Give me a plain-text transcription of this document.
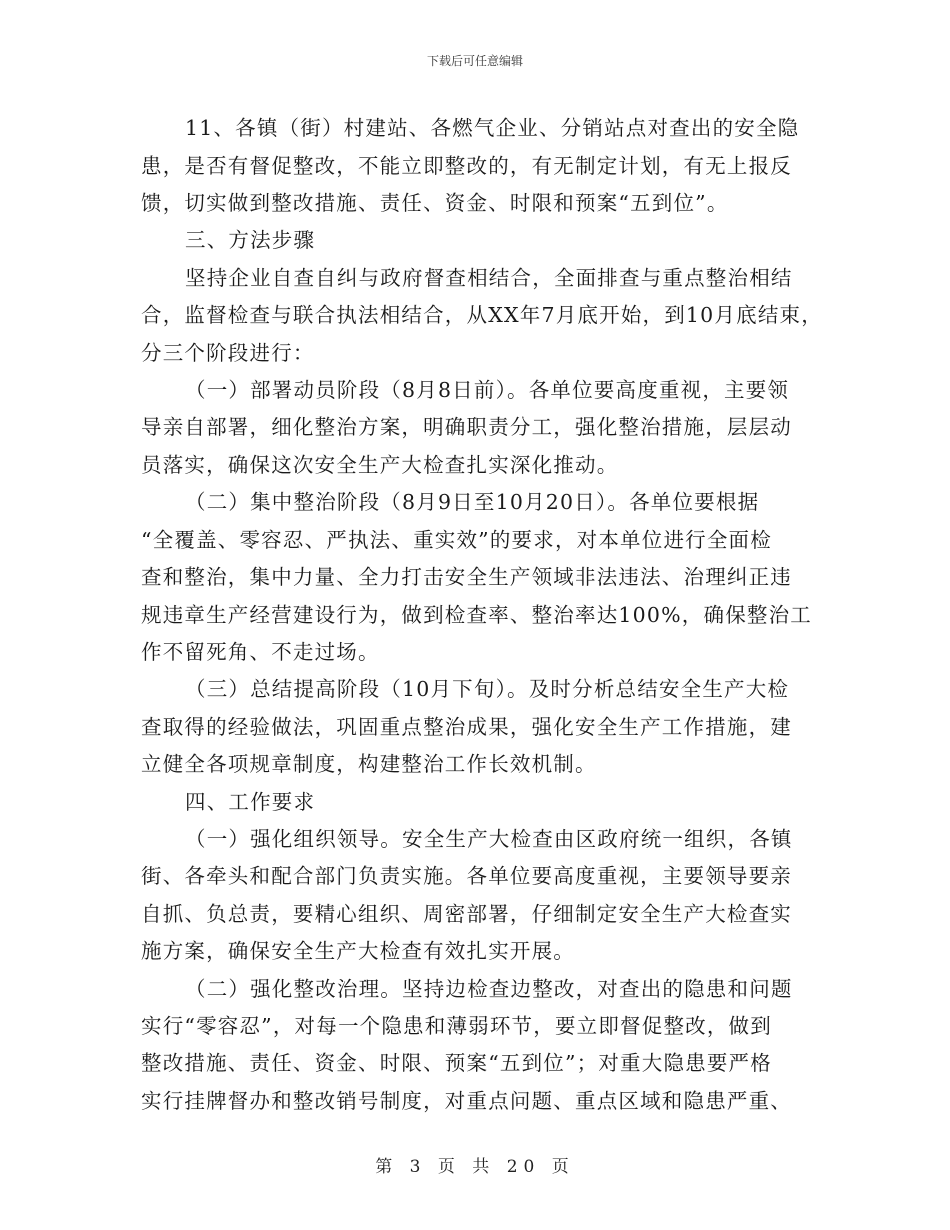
下载后可任意编辑

11、各镇（街）村建站、各燃气企业、分销站点对查出的安全隐

患，是否有督促整改，不能立即整改的，有无制定计划，有无上报反

馈，切实做到整改措施、责任、资金、时限和预案“五到位”。

三、方法步骤

坚持企业自查自纠与政府督查相结合，全面排查与重点整治相结

合，监督检查与联合执法相结合，从XX年7月底开始，到10月底结束，

分三个阶段进行：

（一）部署动员阶段（8月8日前）。各单位要高度重视，主要领

导亲自部署，细化整治方案，明确职责分工，强化整治措施，层层动

员落实，确保这次安全生产大检查扎实深化推动。

（二）集中整治阶段（8月9日至10月20日）。各单位要根据

“全覆盖、零容忍、严执法、重实效”的要求，对本单位进行全面检

查和整治，集中力量、全力打击安全生产领域非法违法、治理纠正违

规违章生产经营建设行为，做到检查率、整治率达100%，确保整治工

作不留死角、不走过场。

（三）总结提高阶段（10月下旬）。及时分析总结安全生产大检

查取得的经验做法，巩固重点整治成果，强化安全生产工作措施，建

立健全各项规章制度，构建整治工作长效机制。

四、工作要求

（一）强化组织领导。安全生产大检查由区政府统一组织，各镇

街、各牵头和配合部门负责实施。各单位要高度重视，主要领导要亲

自抓、负总责，要精心组织、周密部署，仔细制定安全生产大检查实

施方案，确保安全生产大检查有效扎实开展。

（二）强化整改治理。坚持边检查边整改，对查出的隐患和问题

实行“零容忍”，对每一个隐患和薄弱环节，要立即督促整改，做到

整改措施、责任、资金、时限、预案“五到位”；对重大隐患要严格

实行挂牌督办和整改销号制度，对重点问题、重点区域和隐患严重、

第 3 页 共 20 页
